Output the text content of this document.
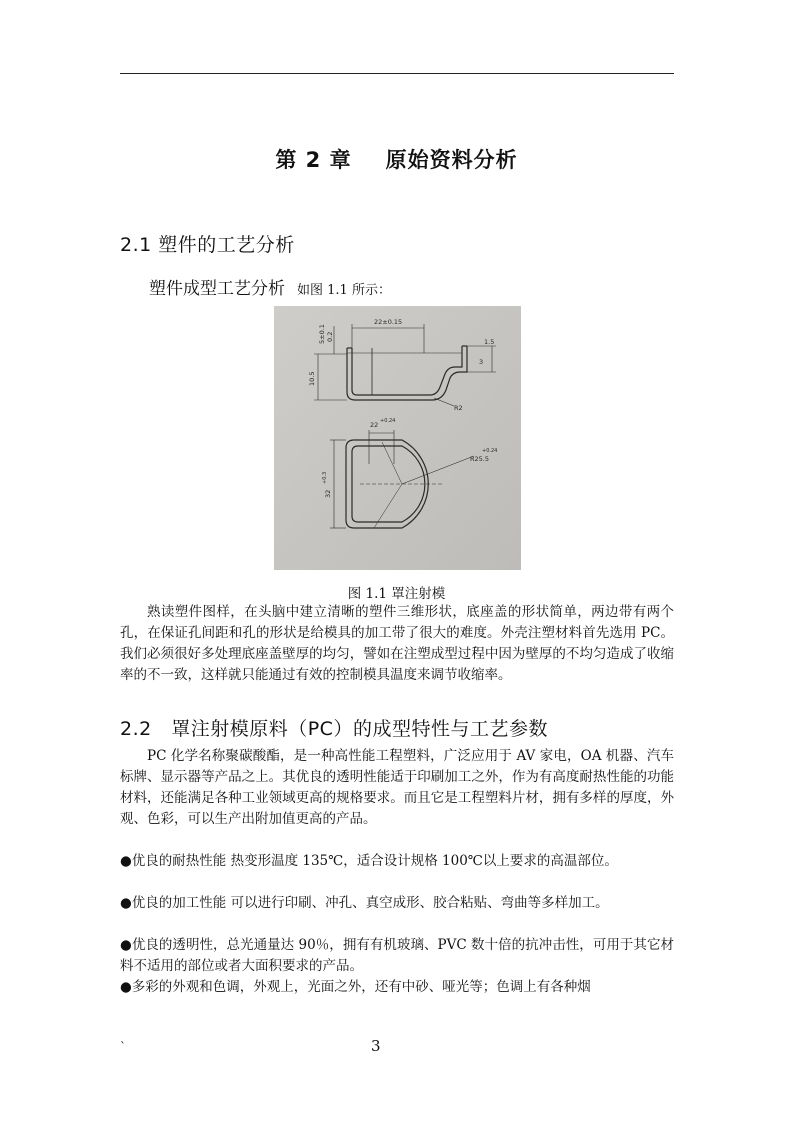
第 2 章 原始资料分析
2.1 塑件的工艺分析
塑件成型工艺分析 如图 1.1 所示：
22±0.15
1.5
3
R2
22 +0.24
R25.5
+0.24
5±0.1 0.2
10.5
32
+0.3
图 1.1 罩注射模
熟读塑件图样，在头脑中建立清晰的塑件三维形状，底座盖的形状简单，两边带有两个孔，在保证孔间距和孔的形状是给模具的加工带了很大的难度。外壳注塑材料首先选用 PC。我们必须很好多处理底座盖壁厚的均匀，譬如在注塑成型过程中因为壁厚的不均匀造成了收缩率的不一致，这样就只能通过有效的控制模具温度来调节收缩率。
2.2　罩注射模原料（PC）的成型特性与工艺参数
PC 化学名称聚碳酸酯，是一种高性能工程塑料，广泛应用于 AV 家电，OA 机器、汽车标牌、显示器等产品之上。其优良的透明性能适于印刷加工之外，作为有高度耐热性能的功能材料，还能满足各种工业领域更高的规格要求。而且它是工程塑料片材，拥有多样的厚度，外观、色彩，可以生产出附加值更高的产品。
●优良的耐热性能 热变形温度 135℃，适合设计规格 100℃以上要求的高温部位。
●优良的加工性能 可以进行印刷、冲孔、真空成形、胶合粘贴、弯曲等多样加工。
●优良的透明性，总光通量达 90％，拥有有机玻璃、PVC 数十倍的抗冲击性，可用于其它材料不适用的部位或者大面积要求的产品。
●多彩的外观和色调，外观上，光面之外，还有中砂、哑光等；色调上有各种烟
`	3
